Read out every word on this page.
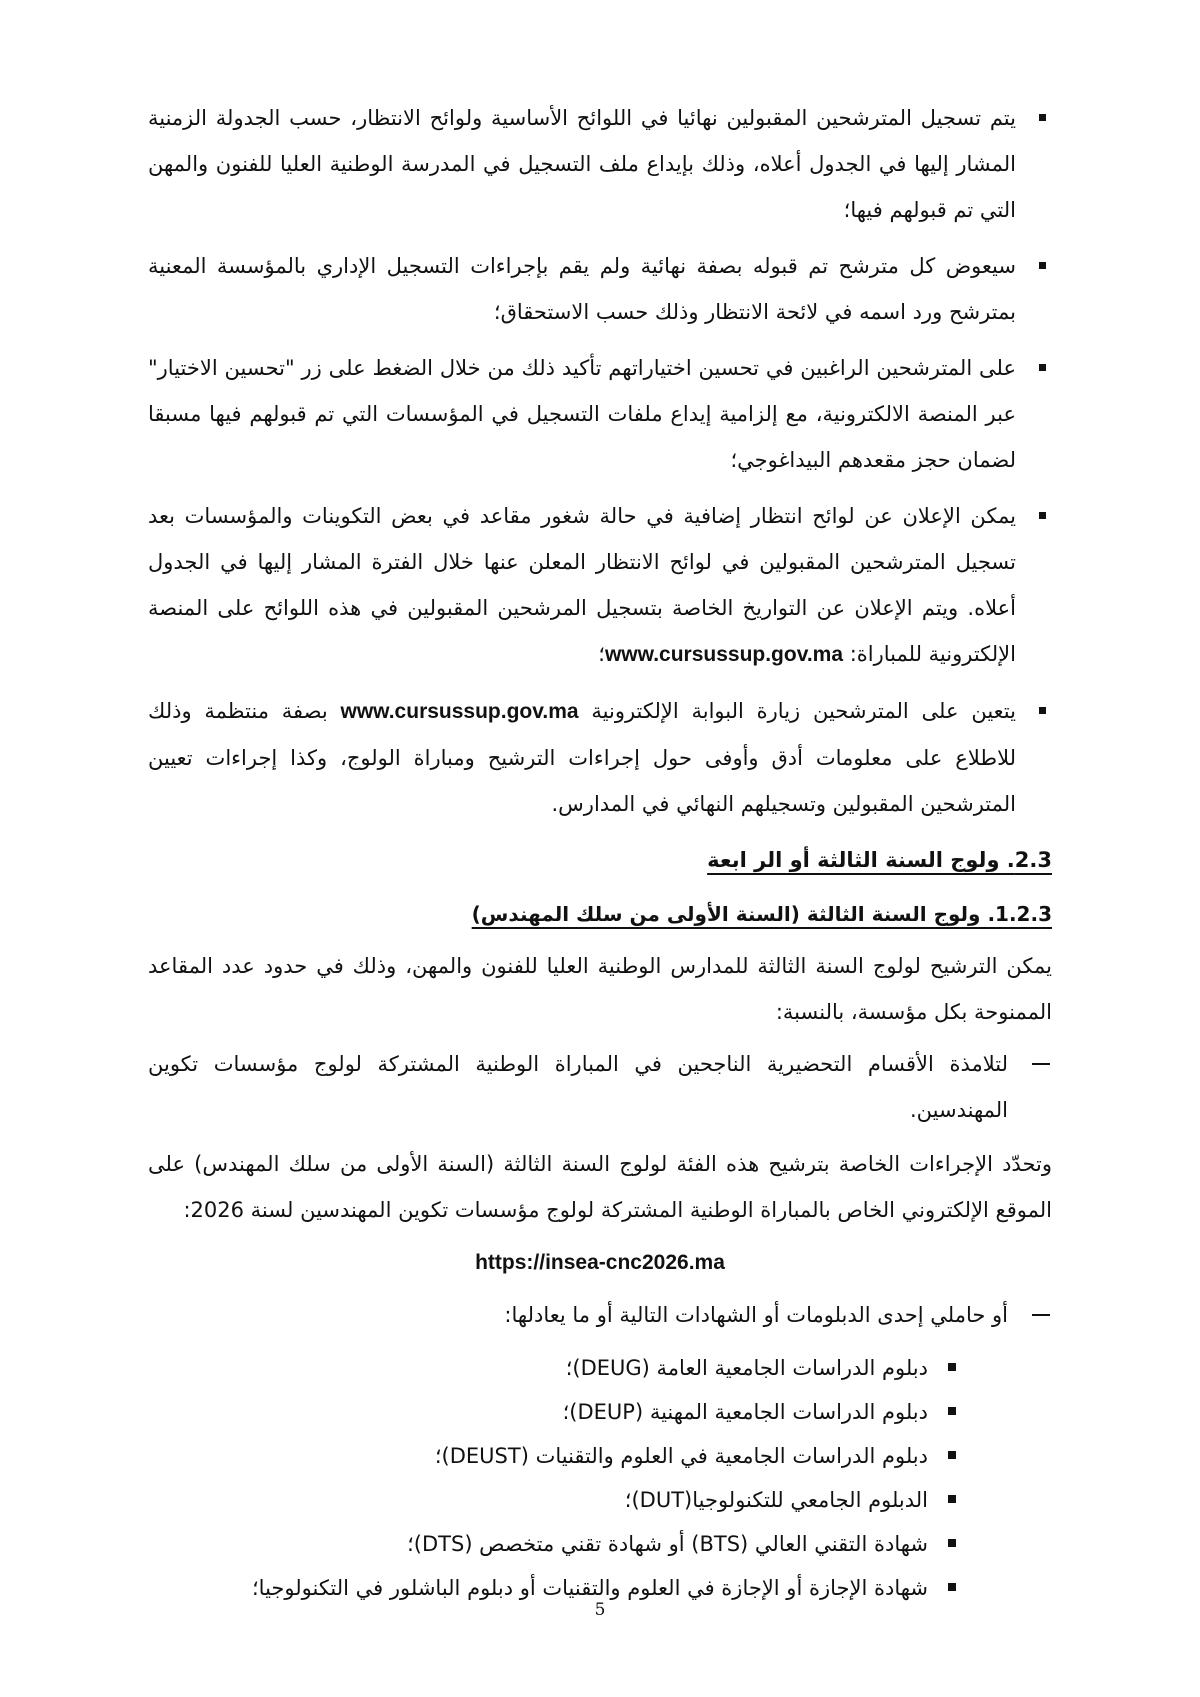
يتم تسجيل المترشحين المقبولين نهائيا في اللوائح الأساسية ولوائح الانتظار، حسب الجدولة الزمنية المشار إليها في الجدول أعلاه، وذلك بإيداع ملف التسجيل في المدرسة الوطنية العليا للفنون والمهن التي تم قبولهم فيها؛
سيعوض كل مترشح تم قبوله بصفة نهائية ولم يقم بإجراءات التسجيل الإداري بالمؤسسة المعنية بمترشح ورد اسمه في لائحة الانتظار وذلك حسب الاستحقاق؛
على المترشحين الراغبين في تحسين اختياراتهم تأكيد ذلك من خلال الضغط على زر "تحسين الاختيار" عبر المنصة الالكترونية، مع إلزامية إيداع ملفات التسجيل في المؤسسات التي تم قبولهم فيها مسبقا لضمان حجز مقعدهم البيداغوجي؛
يمكن الإعلان عن لوائح انتظار إضافية في حالة شغور مقاعد في بعض التكوينات والمؤسسات بعد تسجيل المترشحين المقبولين في لوائح الانتظار المعلن عنها خلال الفترة المشار إليها في الجدول أعلاه. ويتم الإعلان عن التواريخ الخاصة بتسجيل المرشحين المقبولين في هذه اللوائح على المنصة الإلكترونية للمباراة: www.cursussup.gov.ma؛
يتعين على المترشحين زيارة البوابة الإلكترونية www.cursussup.gov.ma بصفة منتظمة وذلك للاطلاع على معلومات أدق وأوفى حول إجراءات الترشيح ومباراة الولوج، وكذا إجراءات تعيين المترشحين المقبولين وتسجيلهم النهائي في المدارس.
2.3. ولوج السنة الثالثة أو الر ابعة
1.2.3. ولوج السنة الثالثة (السنة الأولى من سلك المهندس)

يمكن الترشيح لولوج السنة الثالثة للمدارس الوطنية العليا للفنون والمهن، وذلك في حدود عدد المقاعد الممنوحة بكل مؤسسة، بالنسبة:

لتلامذة الأقسام التحضيرية الناجحين في المباراة الوطنية المشتركة لولوج مؤسسات تكوين المهندسين.

وتحدّد الإجراءات الخاصة بترشيح هذه الفئة لولوج السنة الثالثة (السنة الأولى من سلك المهندس) على الموقع الإلكتروني الخاص بالمباراة الوطنية المشتركة لولوج مؤسسات تكوين المهندسين لسنة 2026:

https://insea-cnc2026.ma
أو حاملي إحدى الدبلومات أو الشهادات التالية أو ما يعادلها:
دبلوم الدراسات الجامعية العامة (DEUG)؛
دبلوم الدراسات الجامعية المهنية (DEUP)؛
دبلوم الدراسات الجامعية في العلوم والتقنيات (DEUST)؛
الدبلوم الجامعي للتكنولوجيا(DUT)؛
شهادة التقني العالي (BTS) أو شهادة تقني متخصص (DTS)؛
شهادة الإجازة أو الإجازة في العلوم والتقنيات أو دبلوم الباشلور في التكنولوجيا؛
5
